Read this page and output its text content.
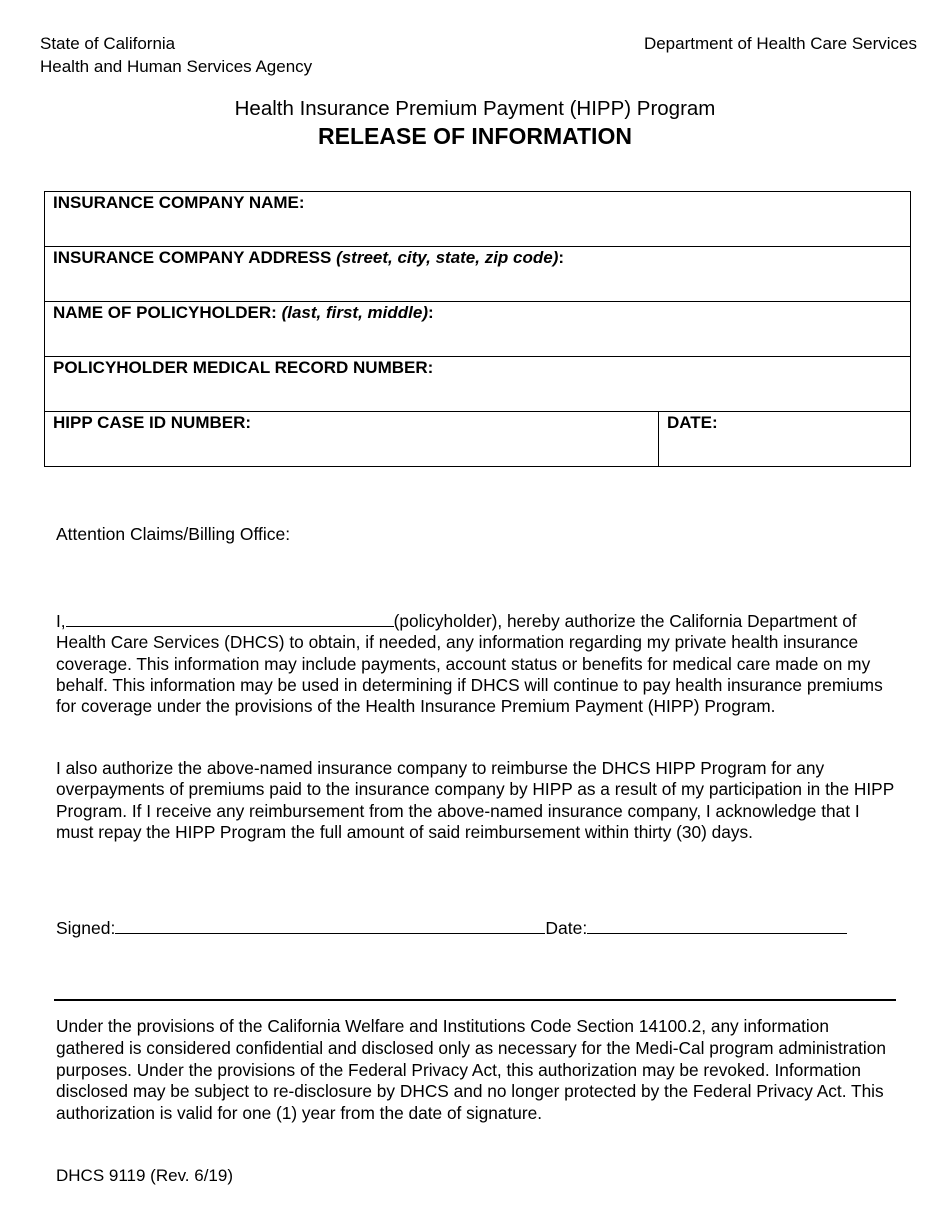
State of California
Health and Human Services Agency
Department of Health Care Services
Health Insurance Premium Payment (HIPP) Program
RELEASE OF INFORMATION
INSURANCE COMPANY NAME:
INSURANCE COMPANY ADDRESS (street, city, state, zip code):
NAME OF POLICYHOLDER: (last, first, middle):
POLICYHOLDER MEDICAL RECORD NUMBER:
HIPP CASE ID NUMBER:	DATE:
Attention Claims/Billing Office:
I,	(policyholder), hereby authorize the California Department of Health Care Services (DHCS) to obtain, if needed, any information regarding my private health insurance coverage. This information may include payments, account status or benefits for medical care made on my behalf. This information may be used in determining if DHCS will continue to pay health insurance premiums for coverage under the provisions of the Health Insurance Premium Payment (HIPP) Program.
I also authorize the above-named insurance company to reimburse the DHCS HIPP Program for any overpayments of premiums paid to the insurance company by HIPP as a result of my participation in the HIPP Program. If I receive any reimbursement from the above-named insurance company, I acknowledge that I must repay the HIPP Program the full amount of said reimbursement within thirty (30) days.
Signed:	Date:
Under the provisions of the California Welfare and Institutions Code Section 14100.2, any information gathered is considered confidential and disclosed only as necessary for the Medi-Cal program administration purposes. Under the provisions of the Federal Privacy Act, this authorization may be revoked. Information disclosed may be subject to re-disclosure by DHCS and no longer protected by the Federal Privacy Act. This authorization is valid for one (1) year from the date of signature.
DHCS 9119 (Rev. 6/19)
